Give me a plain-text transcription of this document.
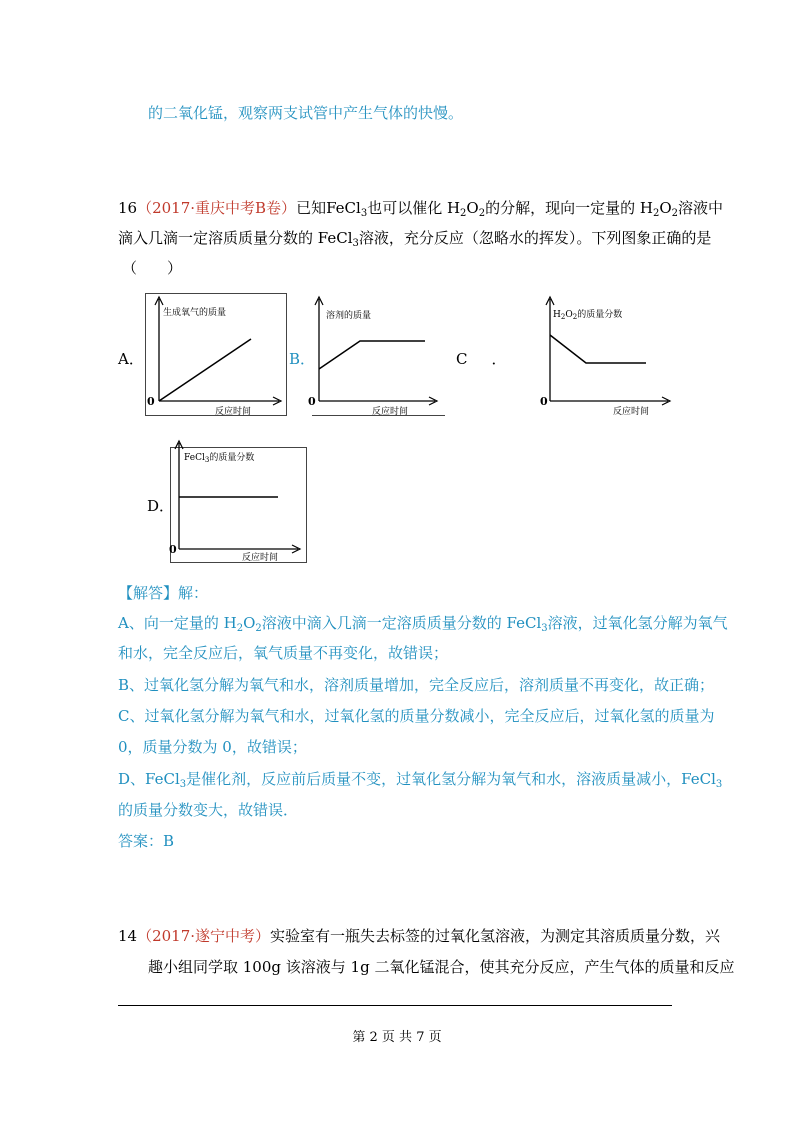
的二氧化锰，观察两支试管中产生气体的快慢。
16（2017·重庆中考B卷）已知FeCl$_3$也可以催化 $H_2O_2$的分解，现向一定量的 $H_2O_2$溶液中
滴入几滴一定溶质质量分数的 FeCl$_3$溶液，充分反应（忽略水的挥发）。下列图象正确的是
（　　）
A．
生成氧气的质量
0
反应时间
B．
溶剂的质量
0
反应时间
C ．
$H_2O_2$的质量分数
0
反应时间
D．
FeCl$_3$的质量分数
0
反应时间
【解答】解：
A、向一定量的 $H_2O_2$溶液中滴入几滴一定溶质质量分数的 FeCl$_3$溶液，过氧化氢分解为氧气
和水，完全反应后，氧气质量不再变化，故错误；
B、过氧化氢分解为氧气和水，溶剂质量增加，完全反应后，溶剂质量不再变化，故正确；
C、过氧化氢分解为氧气和水，过氧化氢的质量分数减小，完全反应后，过氧化氢的质量为
0，质量分数为 0，故错误；
D、FeCl$_3$是催化剂，反应前后质量不变，过氧化氢分解为氧气和水，溶液质量减小，FeCl$_3$
的质量分数变大，故错误．
答案：B
14（2017·遂宁中考）实验室有一瓶失去标签的过氧化氢溶液，为测定其溶质质量分数，兴
趣小组同学取 100g 该溶液与 1g 二氧化锰混合，使其充分反应，产生气体的质量和反应
第 2 页 共 7 页
